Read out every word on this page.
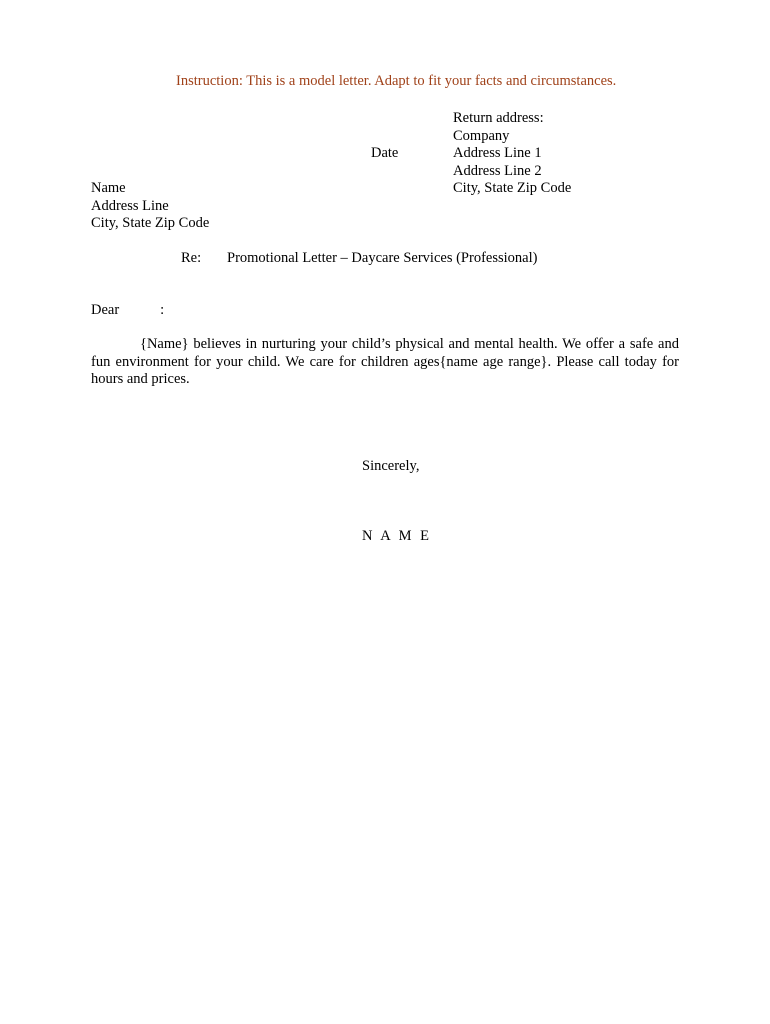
Instruction: This is a model letter. Adapt to fit your facts and circumstances.
Return address:
Company
Address Line 1
Address Line 2
City, State Zip Code
Date
Name
Address Line
City, State Zip Code
Re: Promotional Letter – Daycare Services (Professional)
Dear	:
{Name} believes in nurturing your child’s physical and mental health. We offer a safe and fun environment for your child. We care for children ages{name age range}. Please call today for hours and prices.
Sincerely,
N A M E
